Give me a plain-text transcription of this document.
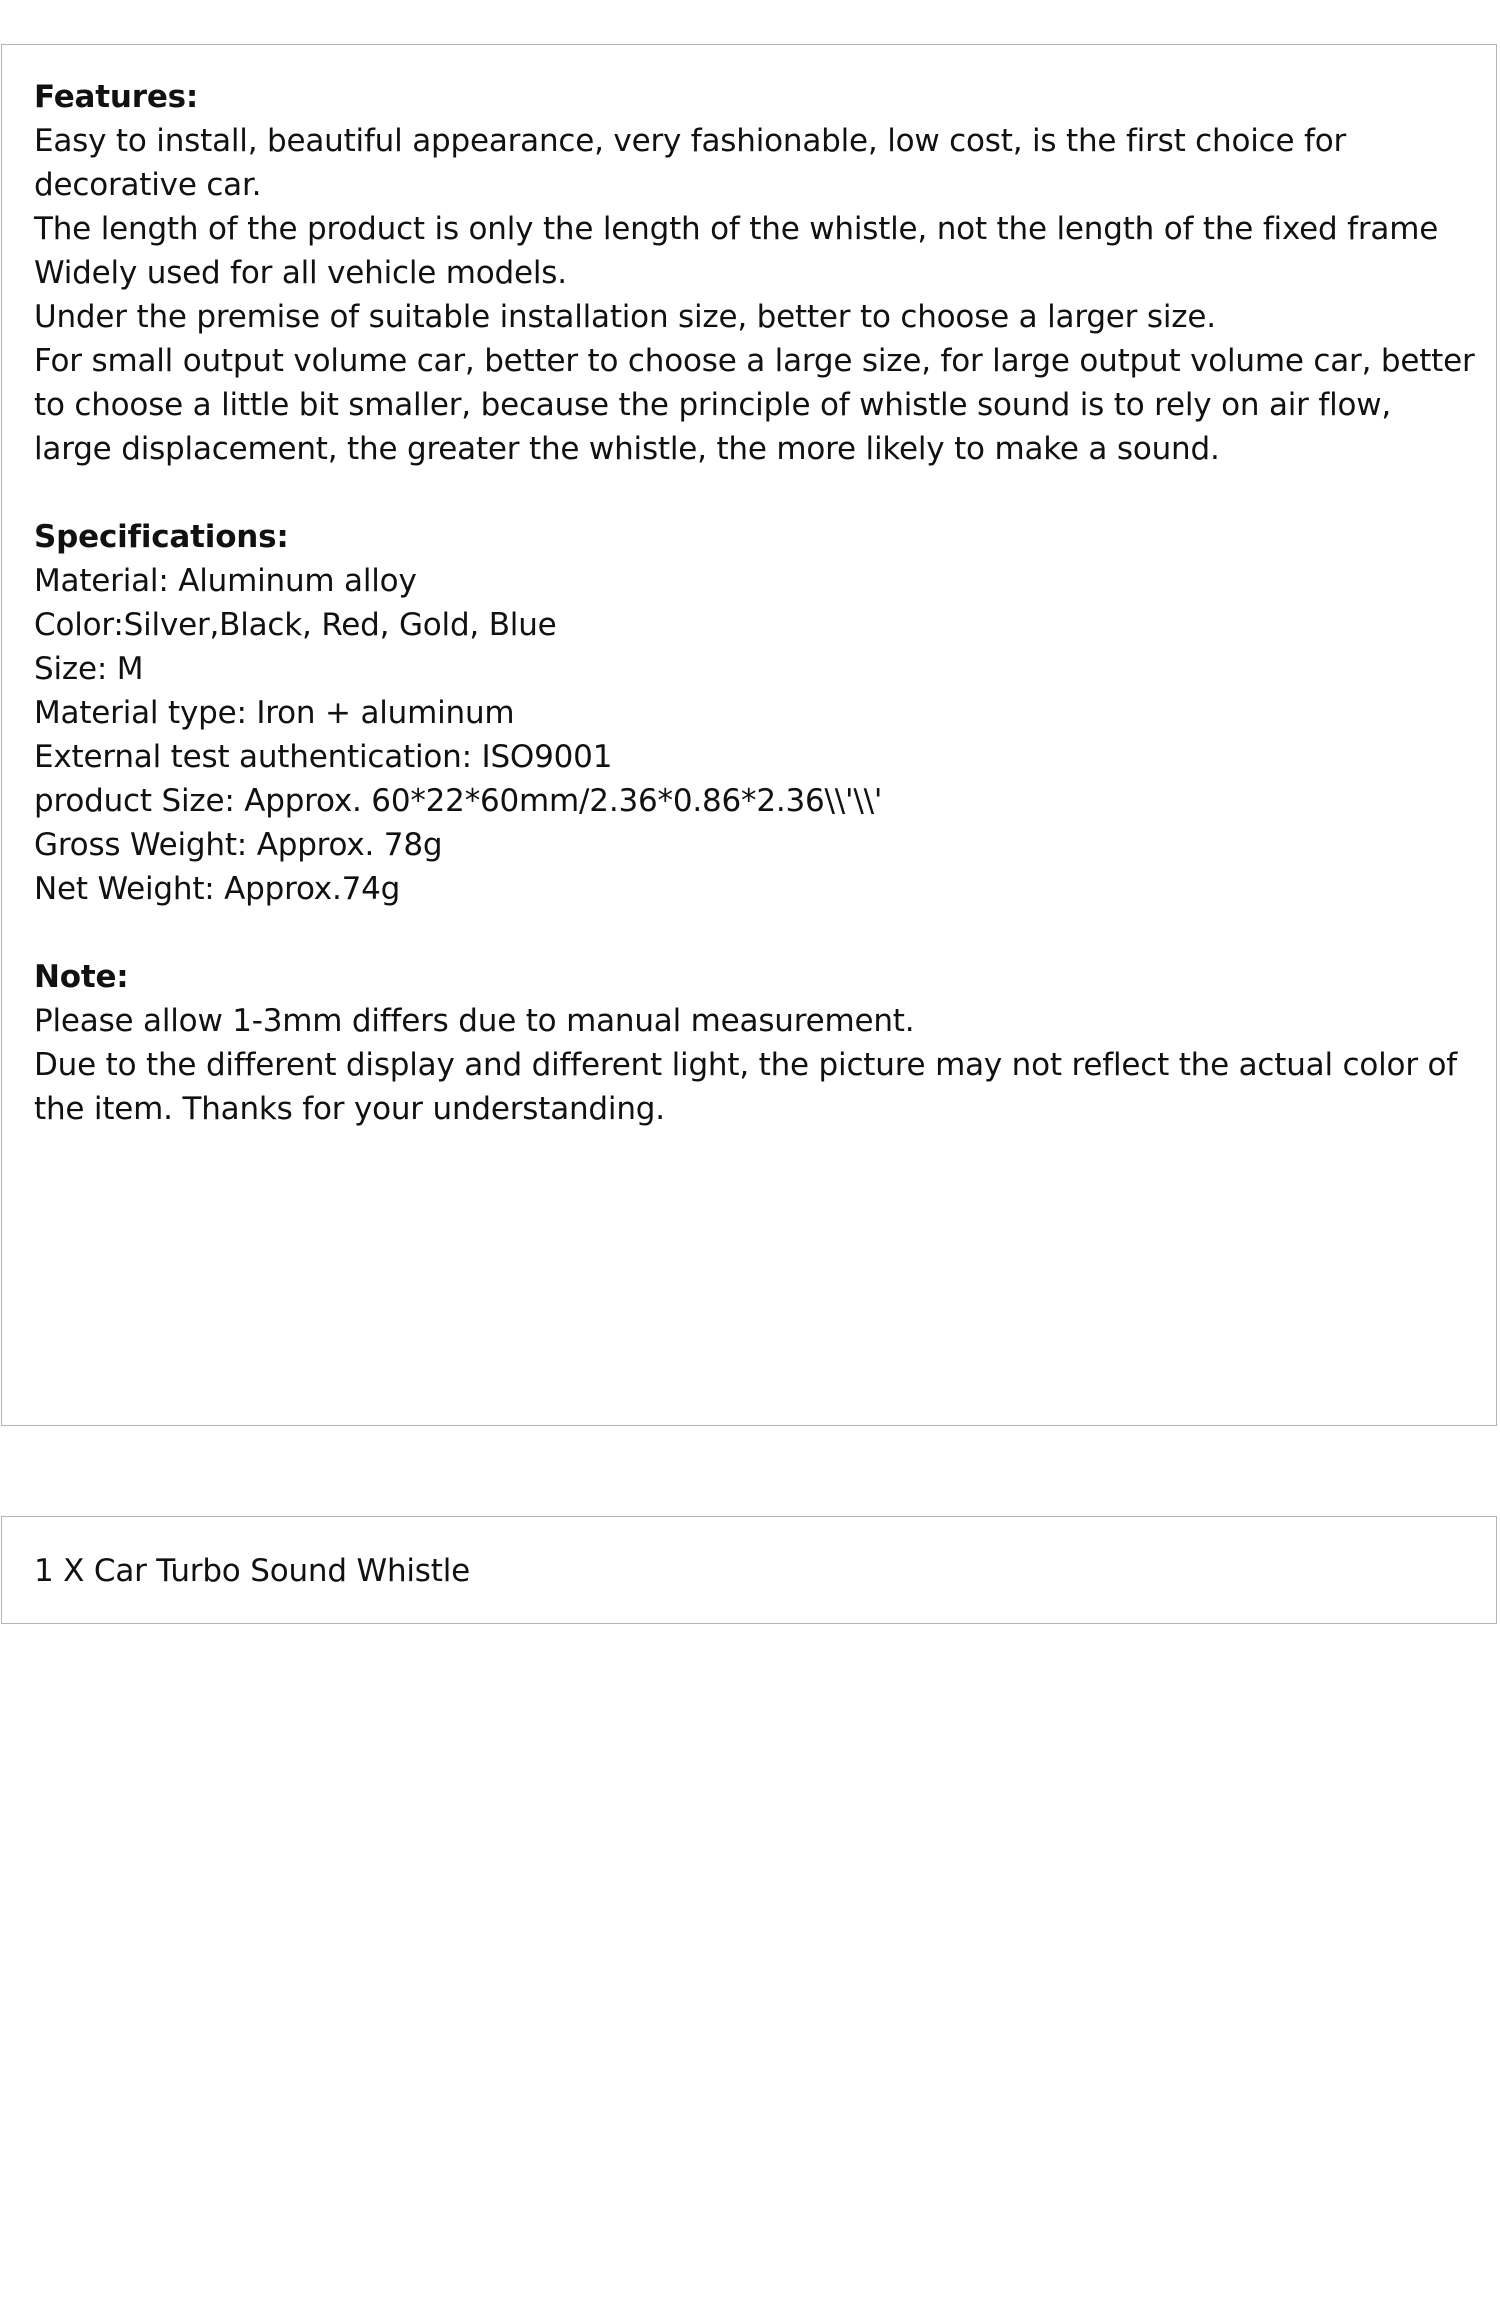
Features:
Easy to install, beautiful appearance, very fashionable, low cost, is the first choice for
decorative car.
The length of the product is only the length of the whistle, not the length of the fixed frame
Widely used for all vehicle models.
Under the premise of suitable installation size, better to choose a larger size.
For small output volume car, better to choose a large size, for large output volume car, better
to choose a little bit smaller, because the principle of whistle sound is to rely on air flow,
large displacement, the greater the whistle, the more likely to make a sound.
Specifications:
Material: Aluminum alloy
Color:Silver,Black, Red, Gold, Blue
Size: M
Material type: Iron + aluminum
External test authentication: ISO9001
product Size: Approx. 60*22*60mm/2.36*0.86*2.36\\'\\'
Gross Weight: Approx. 78g
Net Weight: Approx.74g
Note:
Please allow 1-3mm differs due to manual measurement.
Due to the different display and different light, the picture may not reflect the actual color of
the item. Thanks for your understanding.
1 X Car Turbo Sound Whistle
